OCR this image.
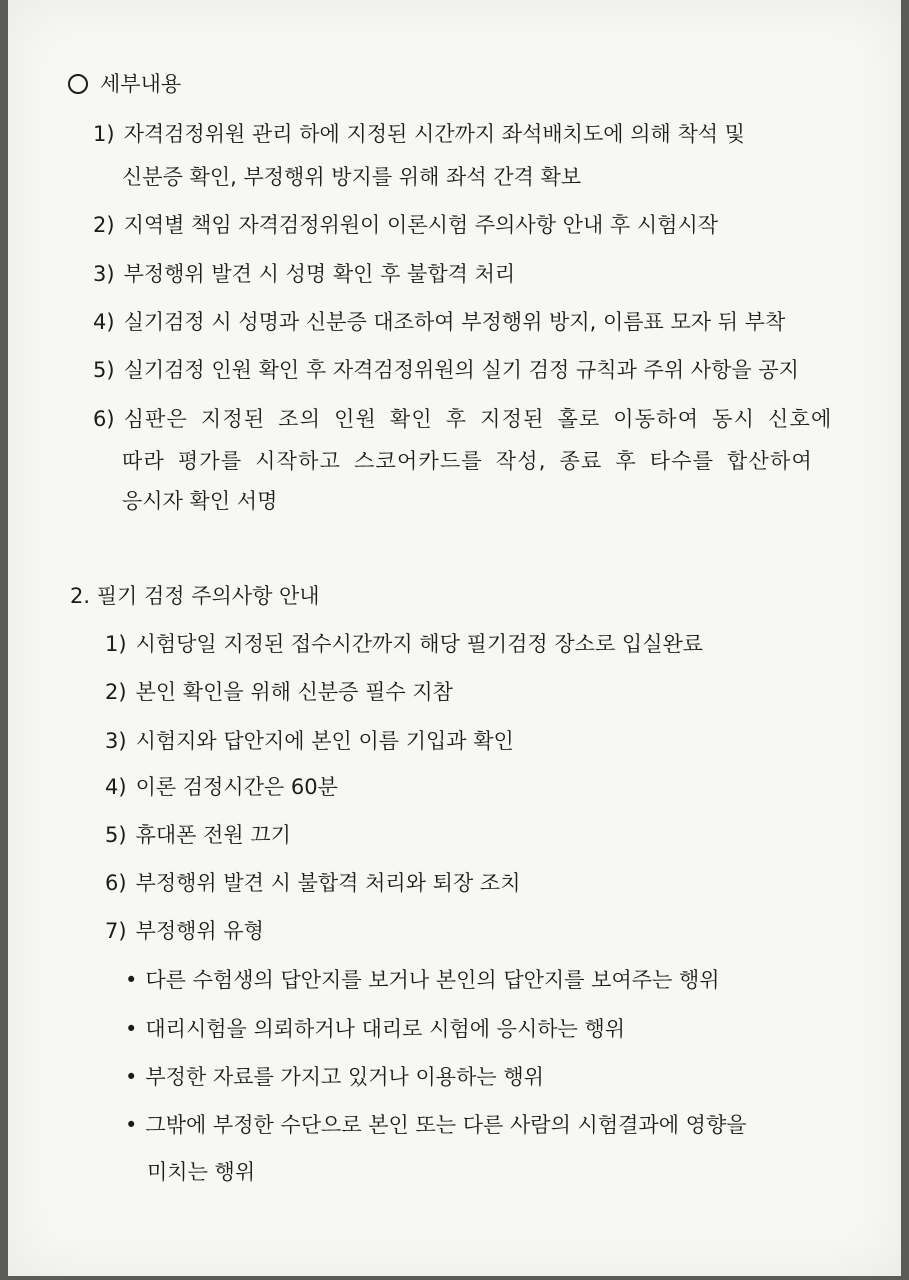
세부내용
1) 자격검정위원 관리 하에 지정된 시간까지 좌석배치도에 의해 착석 및
신분증 확인, 부정행위 방지를 위해 좌석 간격 확보
2) 지역별 책임 자격검정위원이 이론시험 주의사항 안내 후 시험시작
3) 부정행위 발견 시 성명 확인 후 불합격 처리
4) 실기검정 시 성명과 신분증 대조하여 부정행위 방지, 이름표 모자 뒤 부착
5) 실기검정 인원 확인 후 자격검정위원의 실기 검정 규칙과 주위 사항을 공지
6) 심판은 지정된 조의 인원 확인 후 지정된 홀로 이동하여 동시 신호에
따라 평가를 시작하고 스코어카드를 작성, 종료 후 타수를 합산하여
응시자 확인 서명
2. 필기 검정 주의사항 안내
1) 시험당일 지정된 접수시간까지 해당 필기검정 장소로 입실완료
2) 본인 확인을 위해 신분증 필수 지참
3) 시험지와 답안지에 본인 이름 기입과 확인
4) 이론 검정시간은 60분
5) 휴대폰 전원 끄기
6) 부정행위 발견 시 불합격 처리와 퇴장 조치
7) 부정행위 유형
• 다른 수험생의 답안지를 보거나 본인의 답안지를 보여주는 행위
• 대리시험을 의뢰하거나 대리로 시험에 응시하는 행위
• 부정한 자료를 가지고 있거나 이용하는 행위
• 그밖에 부정한 수단으로 본인 또는 다른 사람의 시험결과에 영향을
미치는 행위
